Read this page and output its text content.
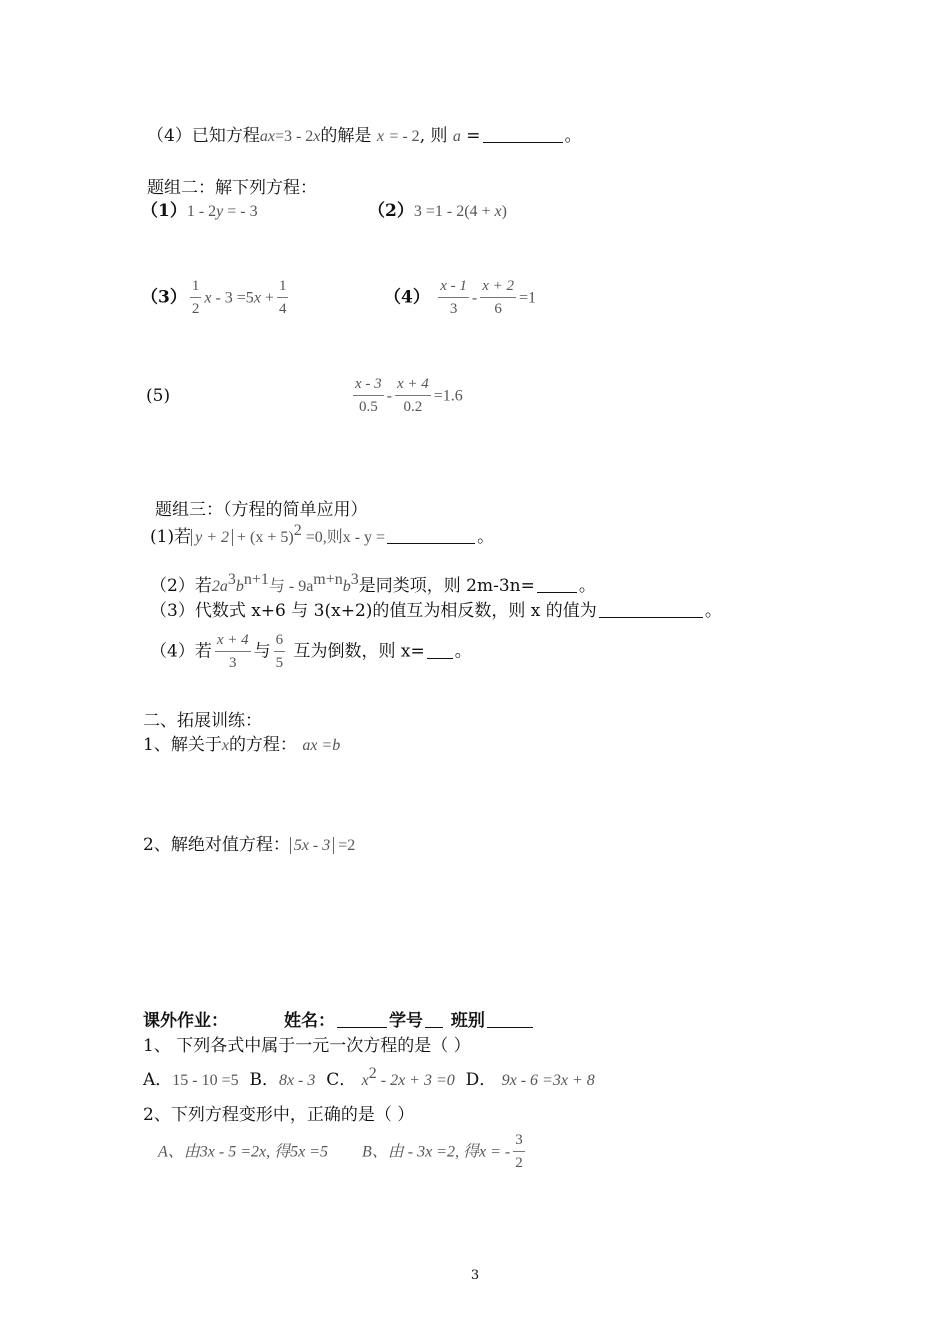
（4）已知方程ax=3 - 2x的解是 x = - 2, 则 a =	。
题组二：解下列方程：
（1）1 - 2y = - 3	（2）3 =1 - 2(4 + x)
$(3) \frac{1}{2}$ $x - 3 =5x + \frac{1}{4}$	$(4) \frac{x - 1}{3} - \frac{x + 2}{6} =1$
(5)	$\frac{x - 3}{0.5} - \frac{x + 4}{0.2} =1.6$
题组三：（方程的简单应用）
(1)若 $y + 2 + (x + 5)^2 =0$,则x - y =	。
（2）若$2a^3b^{n+1}$与 - $9a^{m+n}b^3$是同类项，则 2m-3n=	。
（3）代数式 x+6 与 3(x+2)的值互为相反数，则 x 的值为	。
（4）若 $\frac{x + 4}{3}$ 与 $\frac{6}{5}$ 互为倒数，则 x= 。
二、拓展训练：
1、解关于x的方程： ax =b
2、解绝对值方程： 5x - 3 =2
课外作业：	姓名：	学号 班别
1、 下列各式中属于一元一次方程的是（ ）
A．15 - 10 =5 B．8x - 3 C． $x^2 - 2x + 3 =0$ D． 9x - 6 =3x + 8
2、下列方程变形中，正确的是（ ）
A、由3x - 5 =2x, 得5x =5 B、由 - 3x =2, 得x = - $\frac{3}{2}$
3
